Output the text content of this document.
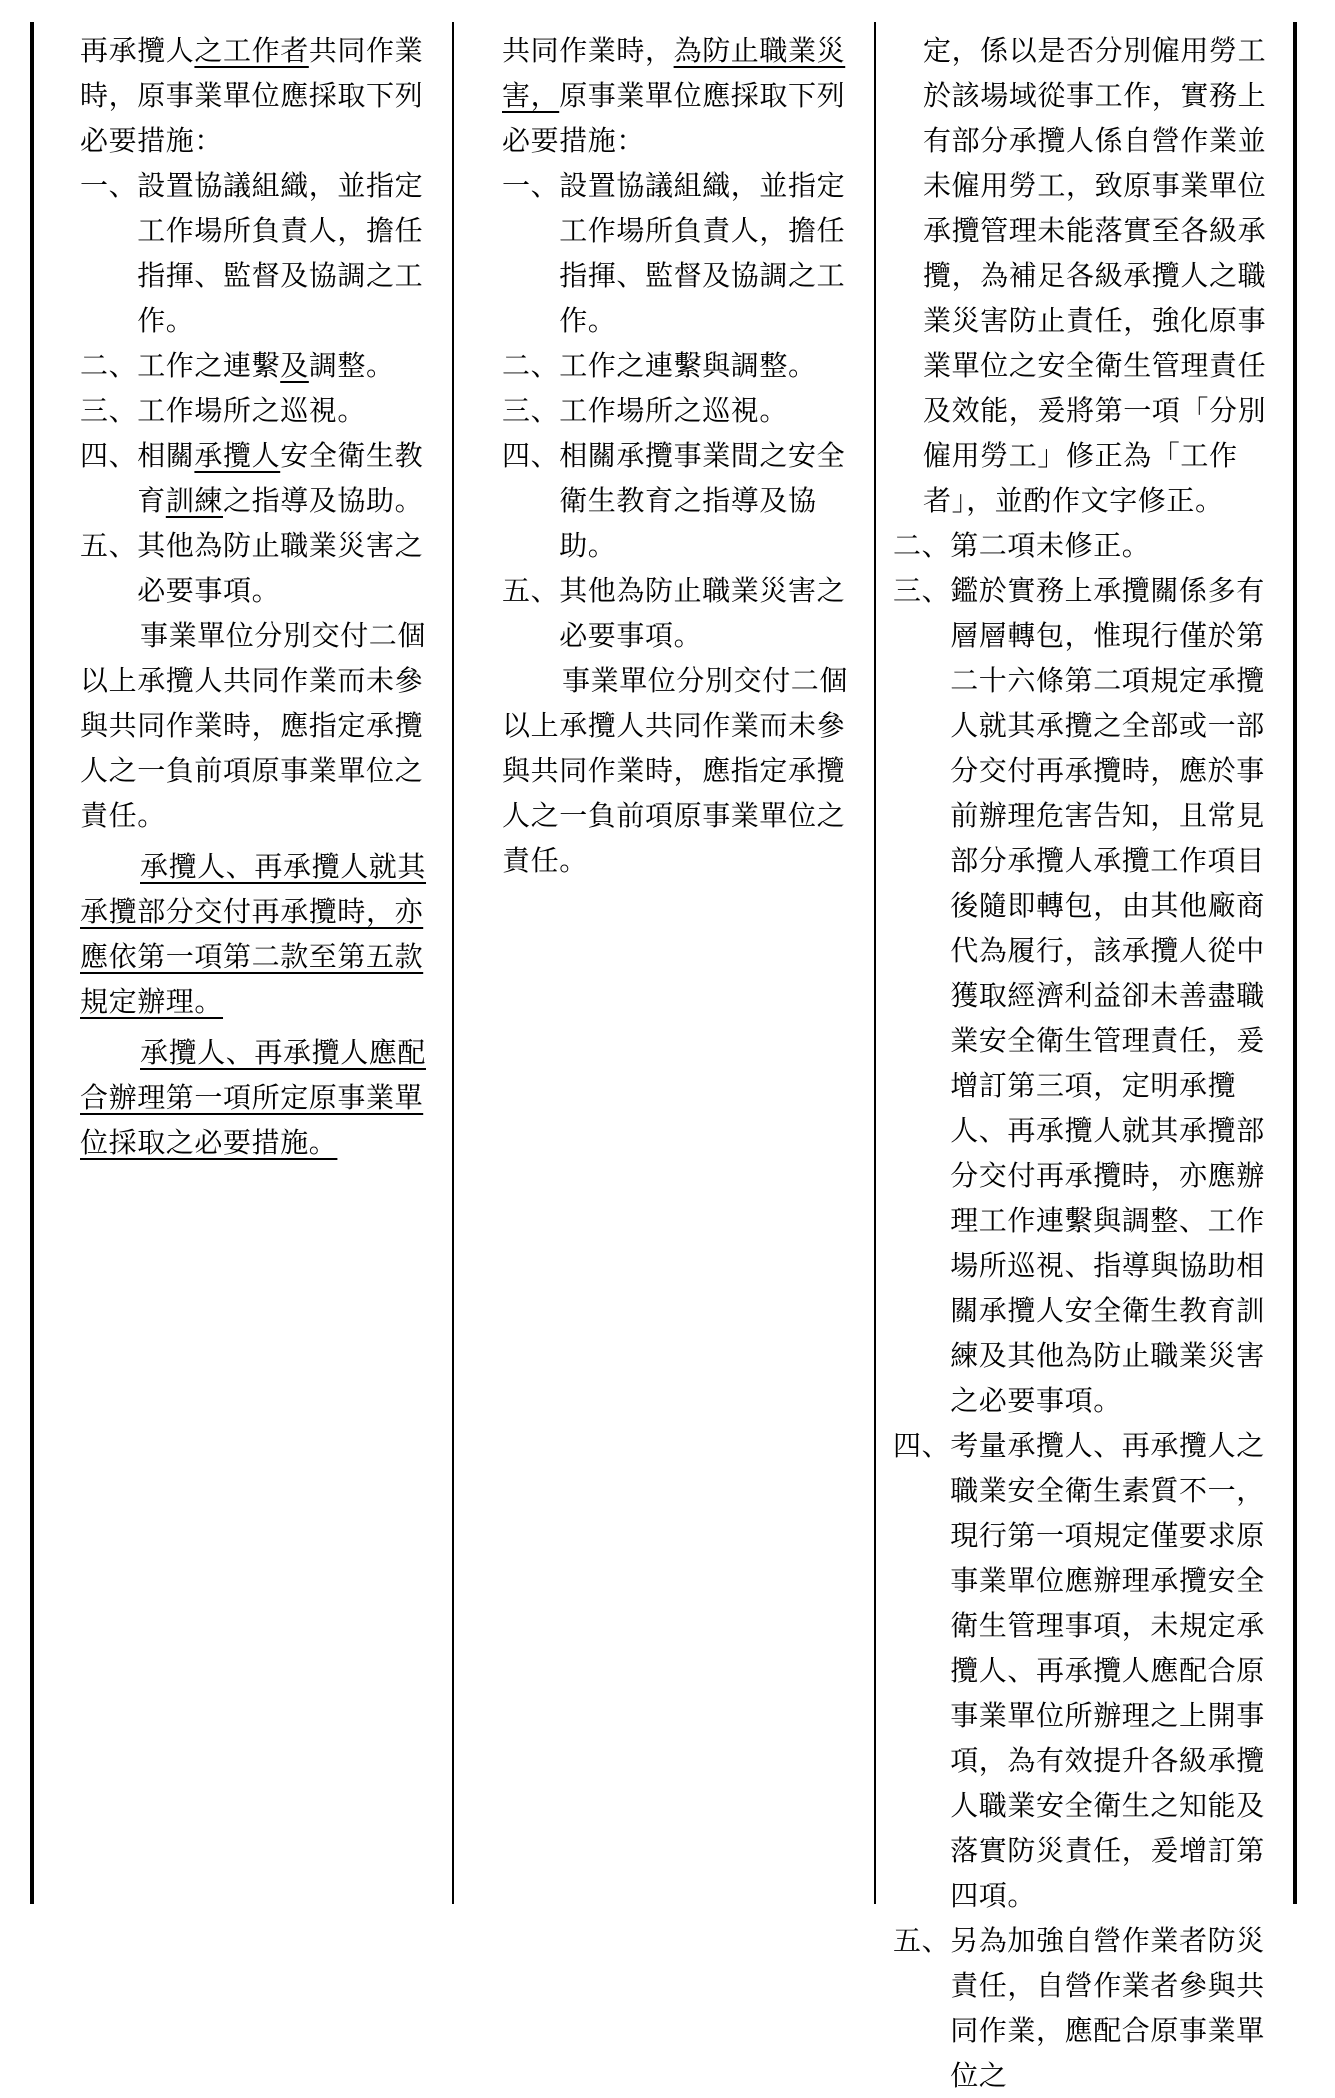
再承攬人之工作者共同作業時，原事業單位應採取下列必要措施：

一、 設置協議組織，並指定工作場所負責人，擔任指揮、監督及協調之工作。
二、 工作之連繫及調整。
三、 工作場所之巡視。
四、 相關承攬人安全衛生教育訓練之指導及協助。
五、 其他為防止職業災害之必要事項。

事業單位分別交付二個以上承攬人共同作業而未參與共同作業時，應指定承攬人之一負前項原事業單位之責任。

承攬人、再承攬人就其承攬部分交付再承攬時，亦應依第一項第二款至第五款規定辦理。

承攬人、再承攬人應配合辦理第一項所定原事業單位採取之必要措施。

共同作業時，為防止職業災害，原事業單位應採取下列必要措施：

一、 設置協議組織，並指定工作場所負責人，擔任指揮、監督及協調之工作。
二、 工作之連繫與調整。
三、 工作場所之巡視。
四、 相關承攬事業間之安全衛生教育之指導及協助。
五、 其他為防止職業災害之必要事項。

事業單位分別交付二個以上承攬人共同作業而未參與共同作業時，應指定承攬人之一負前項原事業單位之責任。

定，係以是否分別僱用勞工於該場域從事工作，實務上有部分承攬人係自營作業並未僱用勞工，致原事業單位承攬管理未能落實至各級承攬，為補足各級承攬人之職業災害防止責任，強化原事業單位之安全衛生管理責任及效能，爰將第一項「分別僱用勞工」修正為「工作者」，並酌作文字修正。

二、 第二項未修正。
三、 鑑於實務上承攬關係多有層層轉包，惟現行僅於第二十六條第二項規定承攬人就其承攬之全部或一部分交付再承攬時，應於事前辦理危害告知，且常見部分承攬人承攬工作項目後隨即轉包，由其他廠商代為履行，該承攬人從中獲取經濟利益卻未善盡職業安全衛生管理責任，爰增訂第三項，定明承攬人、再承攬人就其承攬部分交付再承攬時，亦應辦理工作連繫與調整、工作場所巡視、指導與協助相關承攬人安全衛生教育訓練及其他為防止職業災害之必要事項。
四、 考量承攬人、再承攬人之職業安全衛生素質不一，現行第一項規定僅要求原事業單位應辦理承攬安全衛生管理事項，未規定承攬人、再承攬人應配合原事業單位所辦理之上開事項，為有效提升各級承攬人職業安全衛生之知能及落實防災責任，爰增訂第四項。
五、 另為加強自營作業者防災責任，自營作業者參與共同作業，應配合原事業單位之
